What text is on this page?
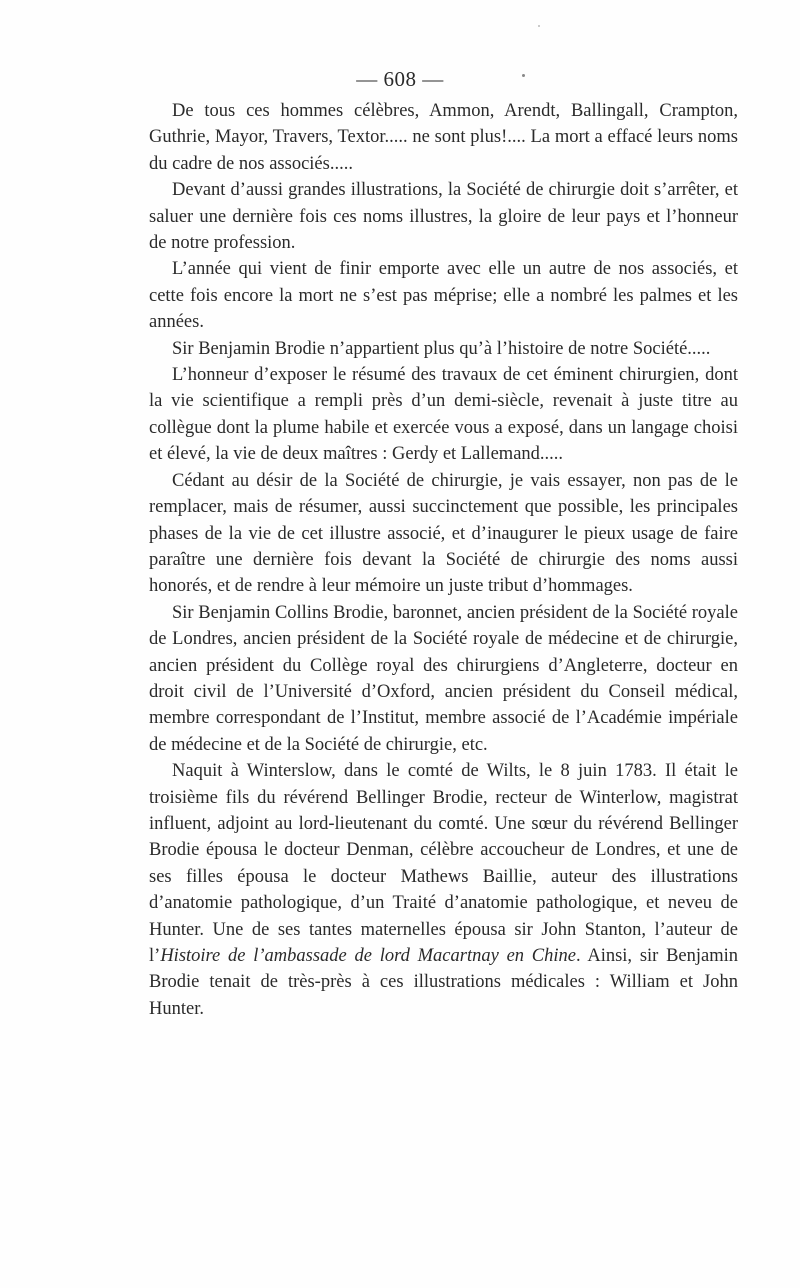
— 608 —

De tous ces hommes célèbres, Ammon, Arendt, Ballingall, Crampton, Guthrie, Mayor, Travers, Textor..... ne sont plus!.... La mort a effacé leurs noms du cadre de nos associés.....

Devant d’aussi grandes illustrations, la Société de chirurgie doit s’arrêter, et saluer une dernière fois ces noms illustres, la gloire de leur pays et l’honneur de notre profession.

L’année qui vient de finir emporte avec elle un autre de nos associés, et cette fois encore la mort ne s’est pas méprise; elle a nombré les palmes et les années.

Sir Benjamin Brodie n’appartient plus qu’à l’histoire de notre Société.....

L’honneur d’exposer le résumé des travaux de cet éminent chirurgien, dont la vie scientifique a rempli près d’un demi-siècle, revenait à juste titre au collègue dont la plume habile et exercée vous a exposé, dans un langage choisi et élevé, la vie de deux maîtres : Gerdy et Lallemand.....

Cédant au désir de la Société de chirurgie, je vais essayer, non pas de le remplacer, mais de résumer, aussi succinctement que possible, les principales phases de la vie de cet illustre associé, et d’inaugurer le pieux usage de faire paraître une dernière fois devant la Société de chirurgie des noms aussi honorés, et de rendre à leur mémoire un juste tribut d’hommages.

Sir Benjamin Collins Brodie, baronnet, ancien président de la Société royale de Londres, ancien président de la Société royale de médecine et de chirurgie, ancien président du Collège royal des chirurgiens d’Angleterre, docteur en droit civil de l’Université d’Oxford, ancien président du Conseil médical, membre correspondant de l’Institut, membre associé de l’Académie impériale de médecine et de la Société de chirurgie, etc.

Naquit à Winterslow, dans le comté de Wilts, le 8 juin 1783. Il était le troisième fils du révérend Bellinger Brodie, recteur de Winterlow, magistrat influent, adjoint au lord-lieutenant du comté. Une sœur du révérend Bellinger Brodie épousa le docteur Denman, célèbre accoucheur de Londres, et une de ses filles épousa le docteur Mathews Baillie, auteur des illustrations d’anatomie pathologique, d’un Traité d’anatomie pathologique, et neveu de Hunter. Une de ses tantes maternelles épousa sir John Stanton, l’auteur de l’Histoire de l’ambassade de lord Macartnay en Chine. Ainsi, sir Benjamin Brodie tenait de très-près à ces illustrations médicales : William et John Hunter.
